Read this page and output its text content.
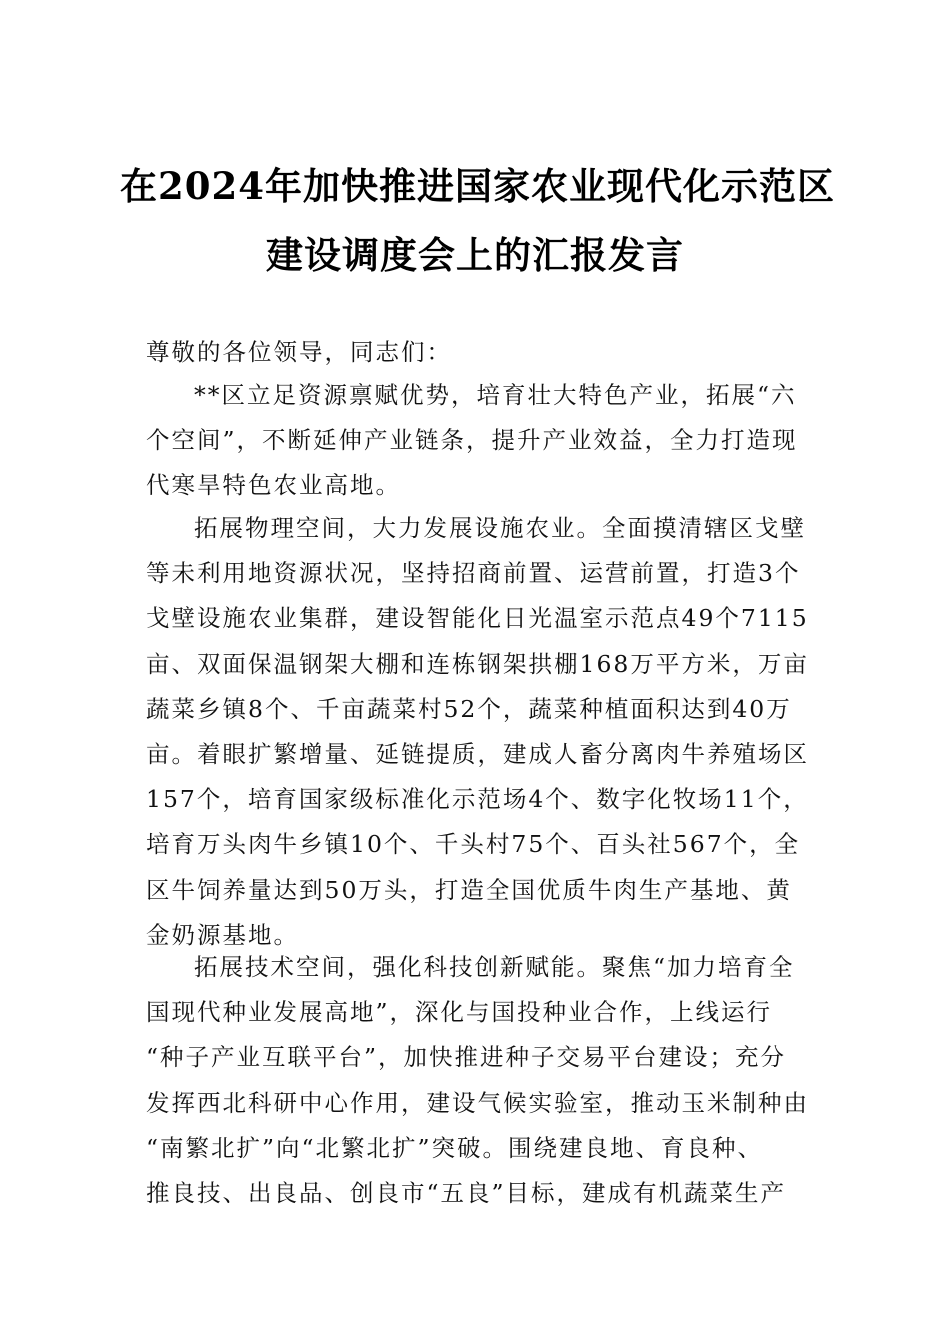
在2024年加快推进国家农业现代化示范区
建设调度会上的汇报发言
尊敬的各位领导，同志们：
**区立足资源禀赋优势，培育壮大特色产业，拓展“六
个空间”，不断延伸产业链条，提升产业效益，全力打造现
代寒旱特色农业高地。
拓展物理空间，大力发展设施农业。全面摸清辖区戈壁
等未利用地资源状况，坚持招商前置、运营前置，打造3个
戈壁设施农业集群，建设智能化日光温室示范点49个7115
亩、双面保温钢架大棚和连栋钢架拱棚168万平方米，万亩
蔬菜乡镇8个、千亩蔬菜村52个，蔬菜种植面积达到40万
亩。着眼扩繁增量、延链提质，建成人畜分离肉牛养殖场区
157个，培育国家级标准化示范场4个、数字化牧场11个，
培育万头肉牛乡镇10个、千头村75个、百头社567个，全
区牛饲养量达到50万头，打造全国优质牛肉生产基地、黄
金奶源基地。
拓展技术空间，强化科技创新赋能。聚焦“加力培育全
国现代种业发展高地”，深化与国投种业合作，上线运行
“种子产业互联平台”，加快推进种子交易平台建设；充分
发挥西北科研中心作用，建设气候实验室，推动玉米制种由
“南繁北扩”向“北繁北扩”突破。围绕建良地、育良种、
推良技、出良品、创良市“五良”目标，建成有机蔬菜生产
